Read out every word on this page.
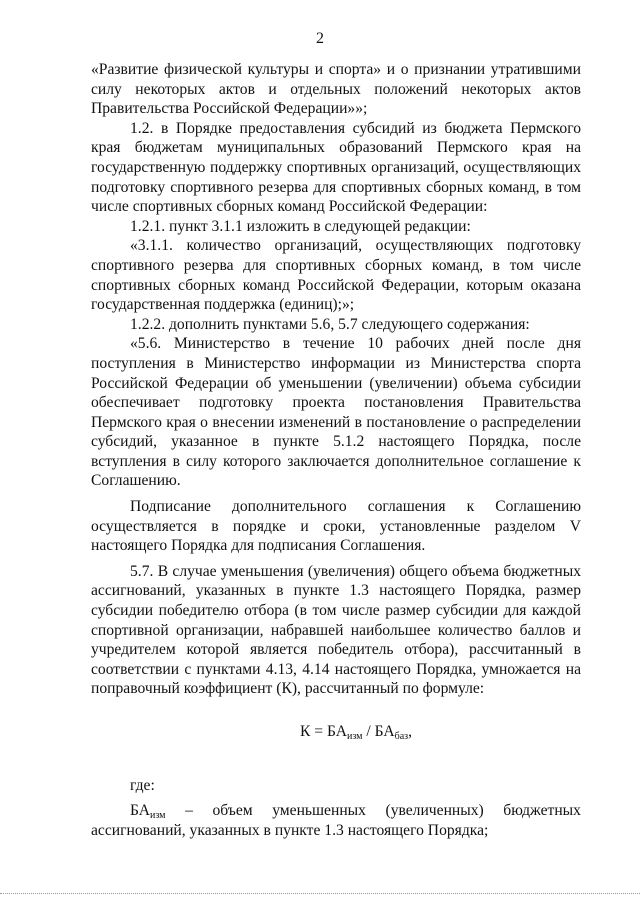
2

«Развитие физической культуры и спорта» и о признании утратившими силу некоторых актов и отдельных положений некоторых актов Правительства Российской Федерации»»;

1.2. в Порядке предоставления субсидий из бюджета Пермского края бюджетам муниципальных образований Пермского края на государственную поддержку спортивных организаций, осуществляющих подготовку спортивного резерва для спортивных сборных команд, в том числе спортивных сборных команд Российской Федерации:

1.2.1. пункт 3.1.1 изложить в следующей редакции:

«3.1.1. количество организаций, осуществляющих подготовку спортивного резерва для спортивных сборных команд, в том числе спортивных сборных команд Российской Федерации, которым оказана государственная поддержка (единиц);»;

1.2.2. дополнить пунктами 5.6, 5.7 следующего содержания:

«5.6. Министерство в течение 10 рабочих дней после дня поступления в Министерство информации из Министерства спорта Российской Федерации об уменьшении (увеличении) объема субсидии обеспечивает подготовку проекта постановления Правительства Пермского края о внесении изменений в постановление о распределении субсидий, указанное в пункте 5.1.2 настоящего Порядка, после вступления в силу которого заключается дополнительное соглашение к Соглашению.

Подписание дополнительного соглашения к Соглашению осуществляется в порядке и сроки, установленные разделом V настоящего Порядка для подписания Соглашения.

5.7. В случае уменьшения (увеличения) общего объема бюджетных ассигнований, указанных в пункте 1.3 настоящего Порядка, размер субсидии победителю отбора (в том числе размер субсидии для каждой спортивной организации, набравшей наибольшее количество баллов и учредителем которой является победитель отбора), рассчитанный в соответствии с пунктами 4.13, 4.14 настоящего Порядка, умножается на поправочный коэффициент (К), рассчитанный по формуле:

$К = БА_{изм} / БА_{баз}$,

где:

$БА_{изм}$ – объем уменьшенных (увеличенных) бюджетных

ассигнований, указанных в пункте 1.3 настоящего Порядка;
